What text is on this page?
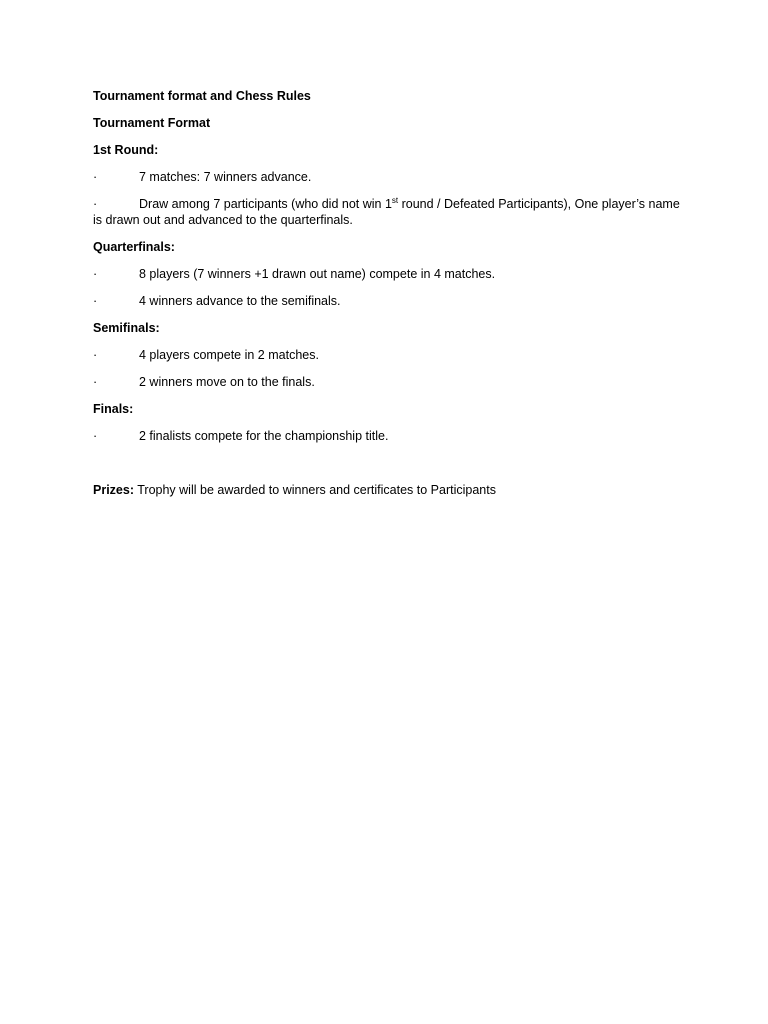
Tournament format and Chess Rules
Tournament Format
1st Round:
·	7 matches: 7 winners advance.
·	Draw among 7 participants (who did not win 1st round / Defeated Participants), One player’s name is drawn out and advanced to the quarterfinals.
Quarterfinals:
·	8 players (7 winners +1 drawn out name) compete in 4 matches.
·	4 winners advance to the semifinals.
Semifinals:
·	4 players compete in 2 matches.
·	2 winners move on to the finals.
Finals:
·	2 finalists compete for the championship title.
Prizes: Trophy will be awarded to winners and certificates to Participants
